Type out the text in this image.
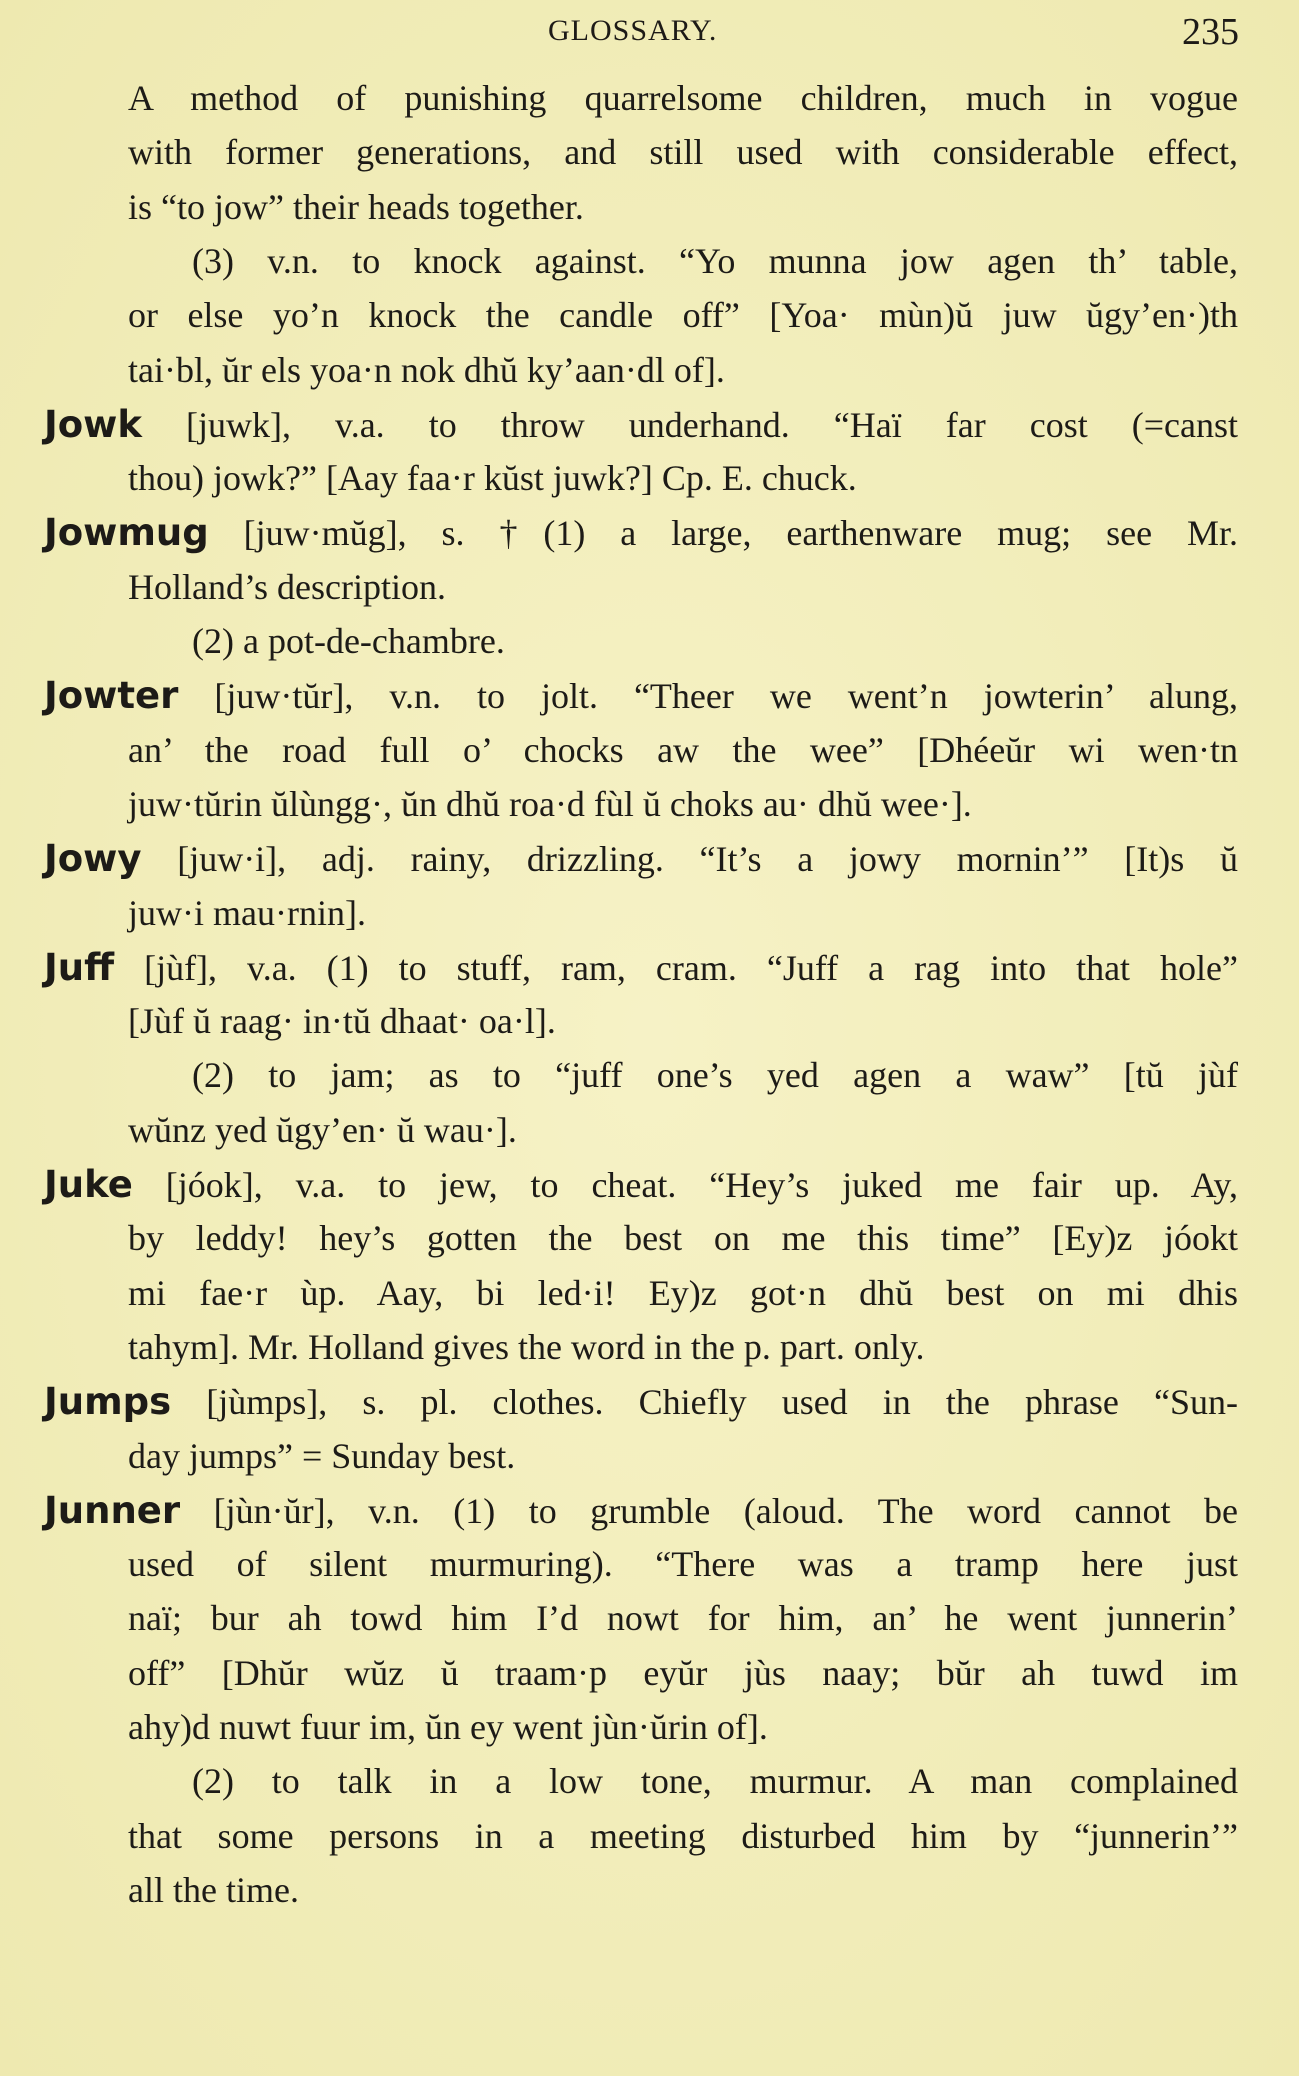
GLOSSARY.	235
A method of punishing quarrelsome children, much in vogue
with former generations, and still used with considerable effect,
is “to jow” their heads together.
(3) v.n. to knock against. “Yo munna jow agen th’ table,
or else yo’n knock the candle off” [Yoa· mùn)ŭ juw ŭgy’en·)th
tai·bl, ŭr els yoa·n nok dhŭ ky’aan·dl of].
Jowk [juwk], v.a. to throw underhand. “Haï far cost (=canst
thou) jowk?” [Aay faa·r kŭst juwk?] Cp. E. chuck.
Jowmug [juw·mŭg], s. †(1) a large, earthenware mug; see Mr.
Holland’s description.
(2) a pot-de-chambre.
Jowter [juw·tŭr], v.n. to jolt. “Theer we went’n jowterin’ alung,
an’ the road full o’ chocks aw the wee” [Dhéeŭr wi wen·tn
juw·tŭrin ŭlùngg·, ŭn dhŭ roa·d fùl ŭ choks au· dhŭ wee·].
Jowy [juw·i], adj. rainy, drizzling. “It’s a jowy mornin’” [It)s ŭ
juw·i mau·rnin].
Juff [jùf], v.a. (1) to stuff, ram, cram. “Juff a rag into that hole”
[Jùf ŭ raag· in·tŭ dhaat· oa·l].
(2) to jam; as to “juff one’s yed agen a waw” [tŭ jùf
wŭnz yed ŭgy’en· ŭ wau·].
Juke [jóok], v.a. to jew, to cheat. “Hey’s juked me fair up. Ay,
by leddy! hey’s gotten the best on me this time” [Ey)z jóokt
mi fae·r ùp. Aay, bi led·i! Ey)z got·n dhŭ best on mi dhis
tahym]. Mr. Holland gives the word in the p. part. only.
Jumps [jùmps], s. pl. clothes. Chiefly used in the phrase “Sun-
day jumps” = Sunday best.
Junner [jùn·ŭr], v.n. (1) to grumble (aloud. The word cannot be
used of silent murmuring). “There was a tramp here just
naï; bur ah towd him I’d nowt for him, an’ he went junnerin’
off” [Dhŭr wŭz ŭ traam·p eyŭr jùs naay; bŭr ah tuwd im
ahy)d nuwt fuur im, ŭn ey went jùn·ŭrin of].
(2) to talk in a low tone, murmur. A man complained
that some persons in a meeting disturbed him by “junnerin’”
all the time.
